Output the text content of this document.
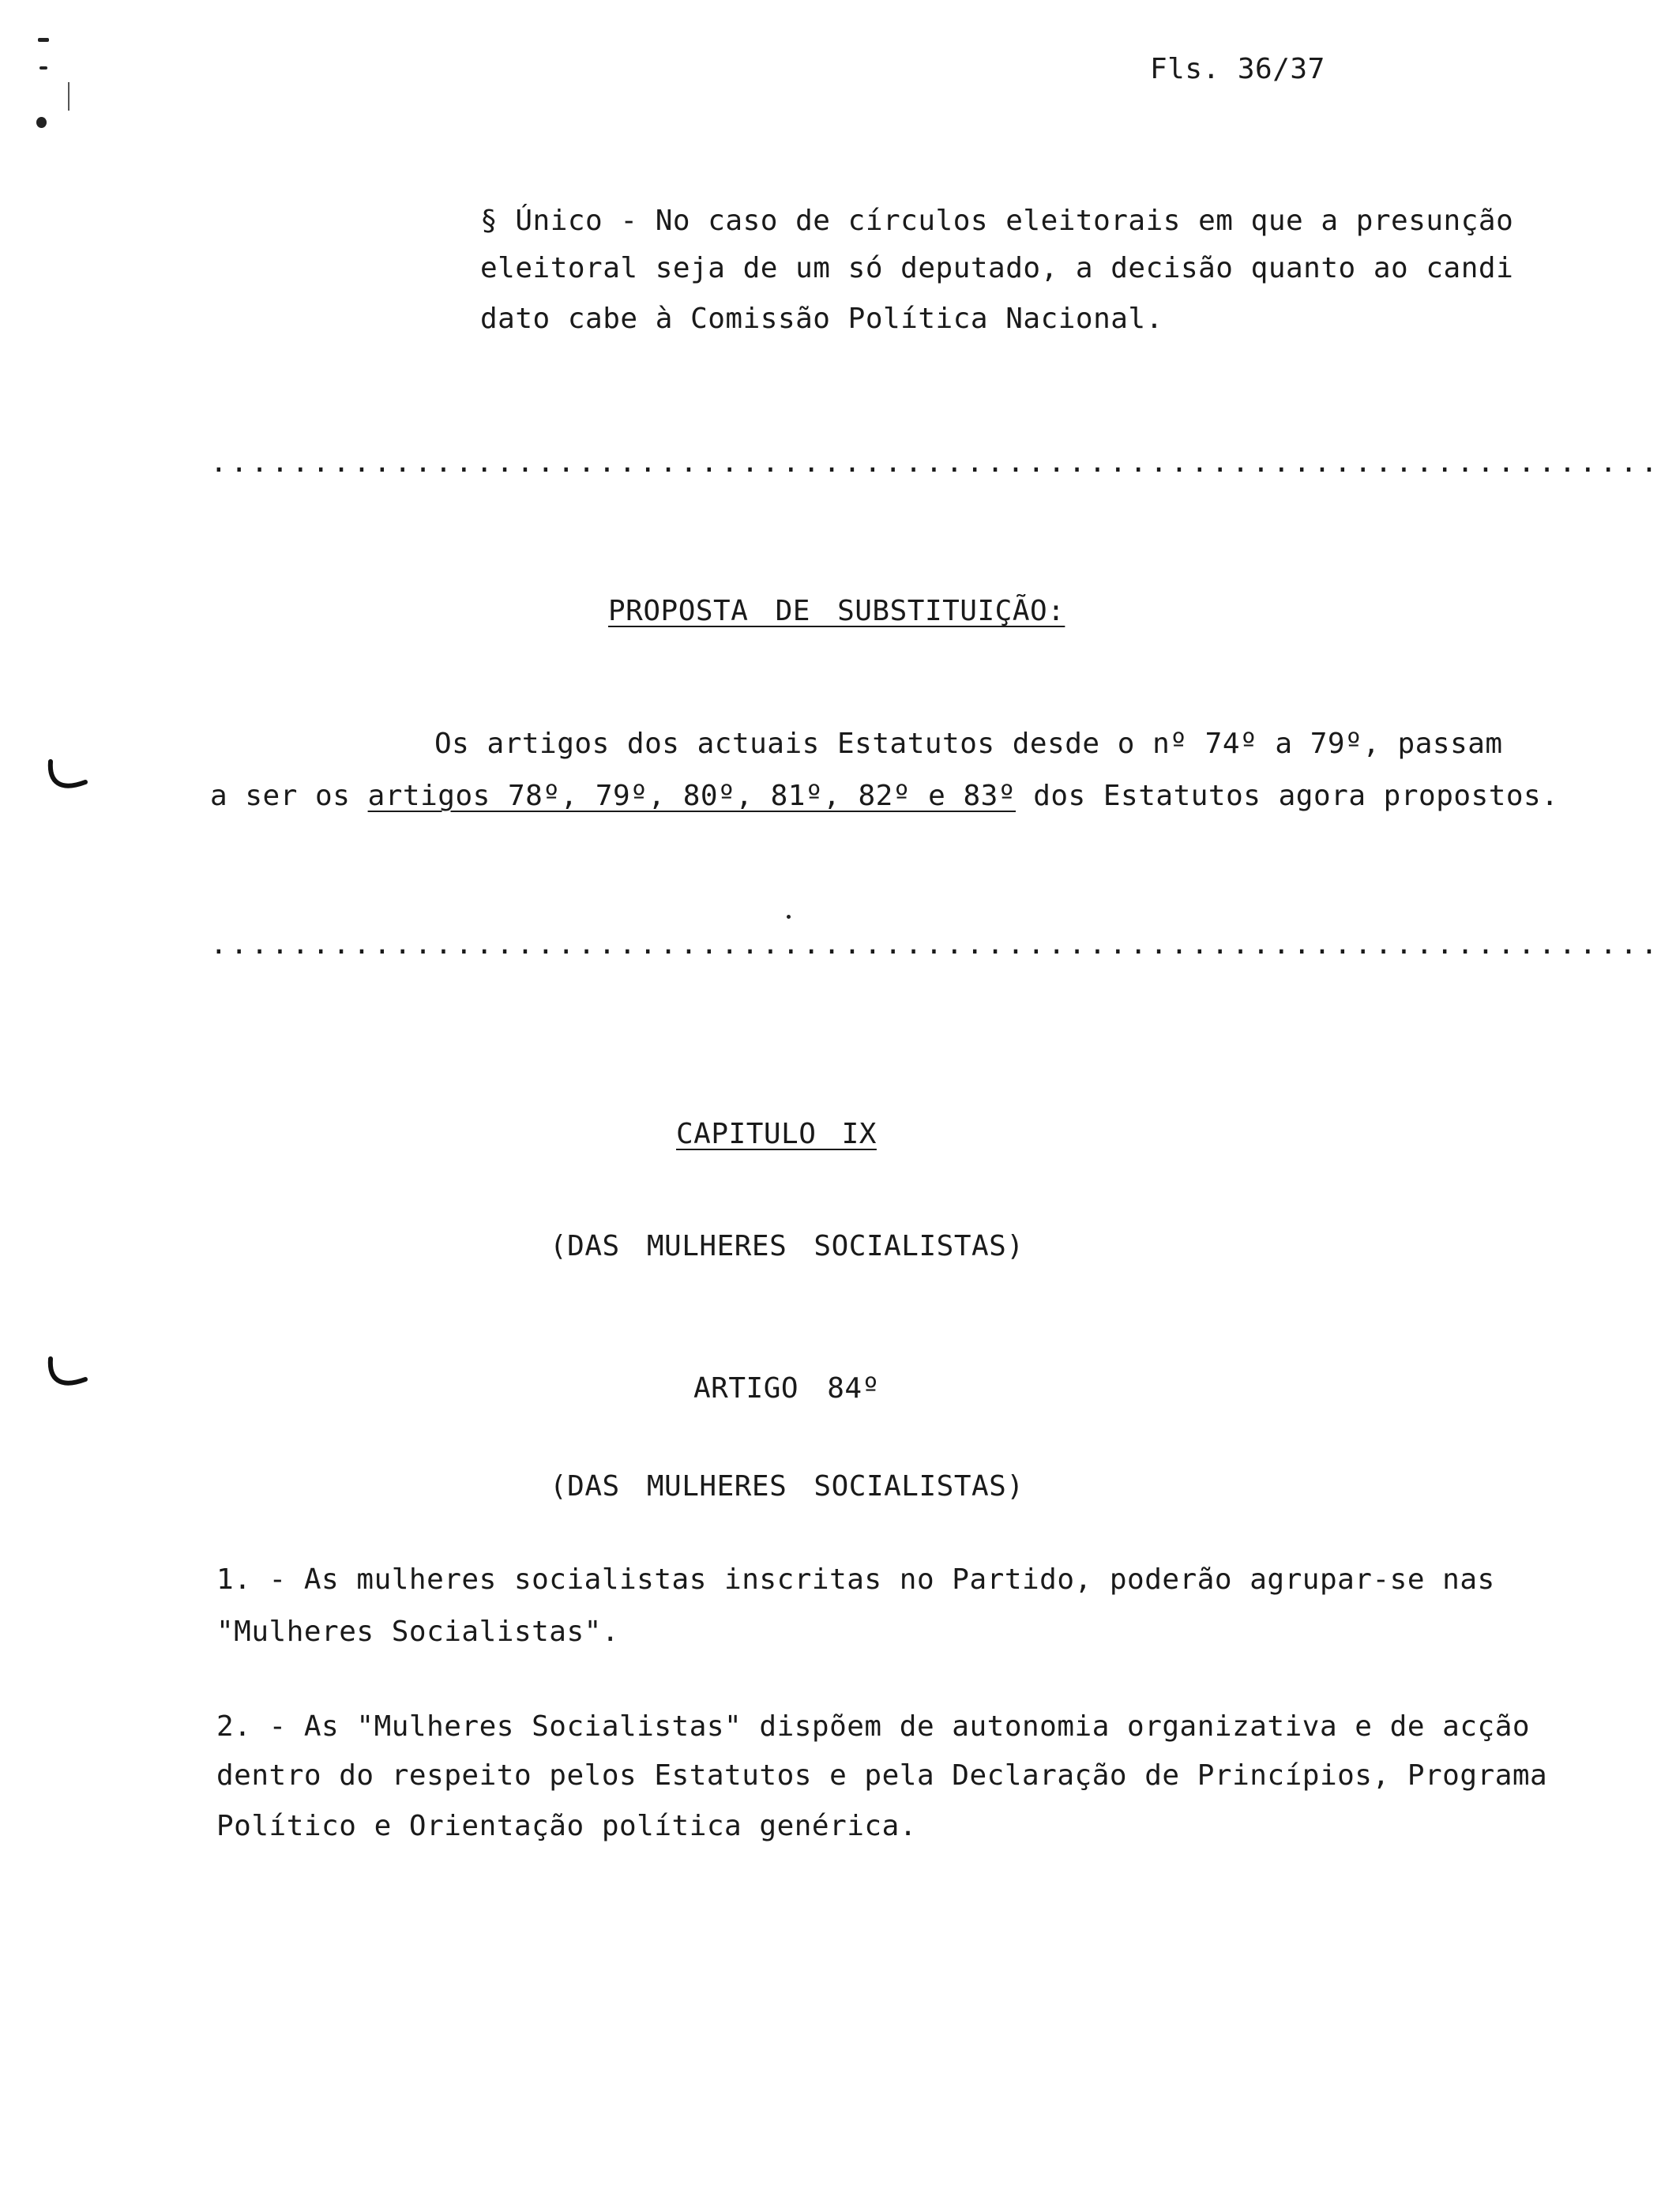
Fls. 36/37
§ Único - No caso de círculos eleitorais em que a presunção
eleitoral seja de um só deputado, a decisão quanto ao candi
dato cabe à Comissão Política Nacional.
.......................................................................
PROPOSTA DE SUBSTITUIÇÃO:
Os artigos dos actuais Estatutos desde o nº 74º a 79º, passam
a ser os artigos 78º, 79º, 80º, 81º, 82º e 83º dos Estatutos agora propostos.
.......................................................................
CAPITULO IX
(DAS MULHERES SOCIALISTAS)
ARTIGO 84º
(DAS MULHERES SOCIALISTAS)
1. - As mulheres socialistas inscritas no Partido, poderão agrupar-se nas
"Mulheres Socialistas".
2. - As "Mulheres Socialistas" dispõem de autonomia organizativa e de acção
dentro do respeito pelos Estatutos e pela Declaração de Princípios, Programa
Político e Orientação política genérica.
